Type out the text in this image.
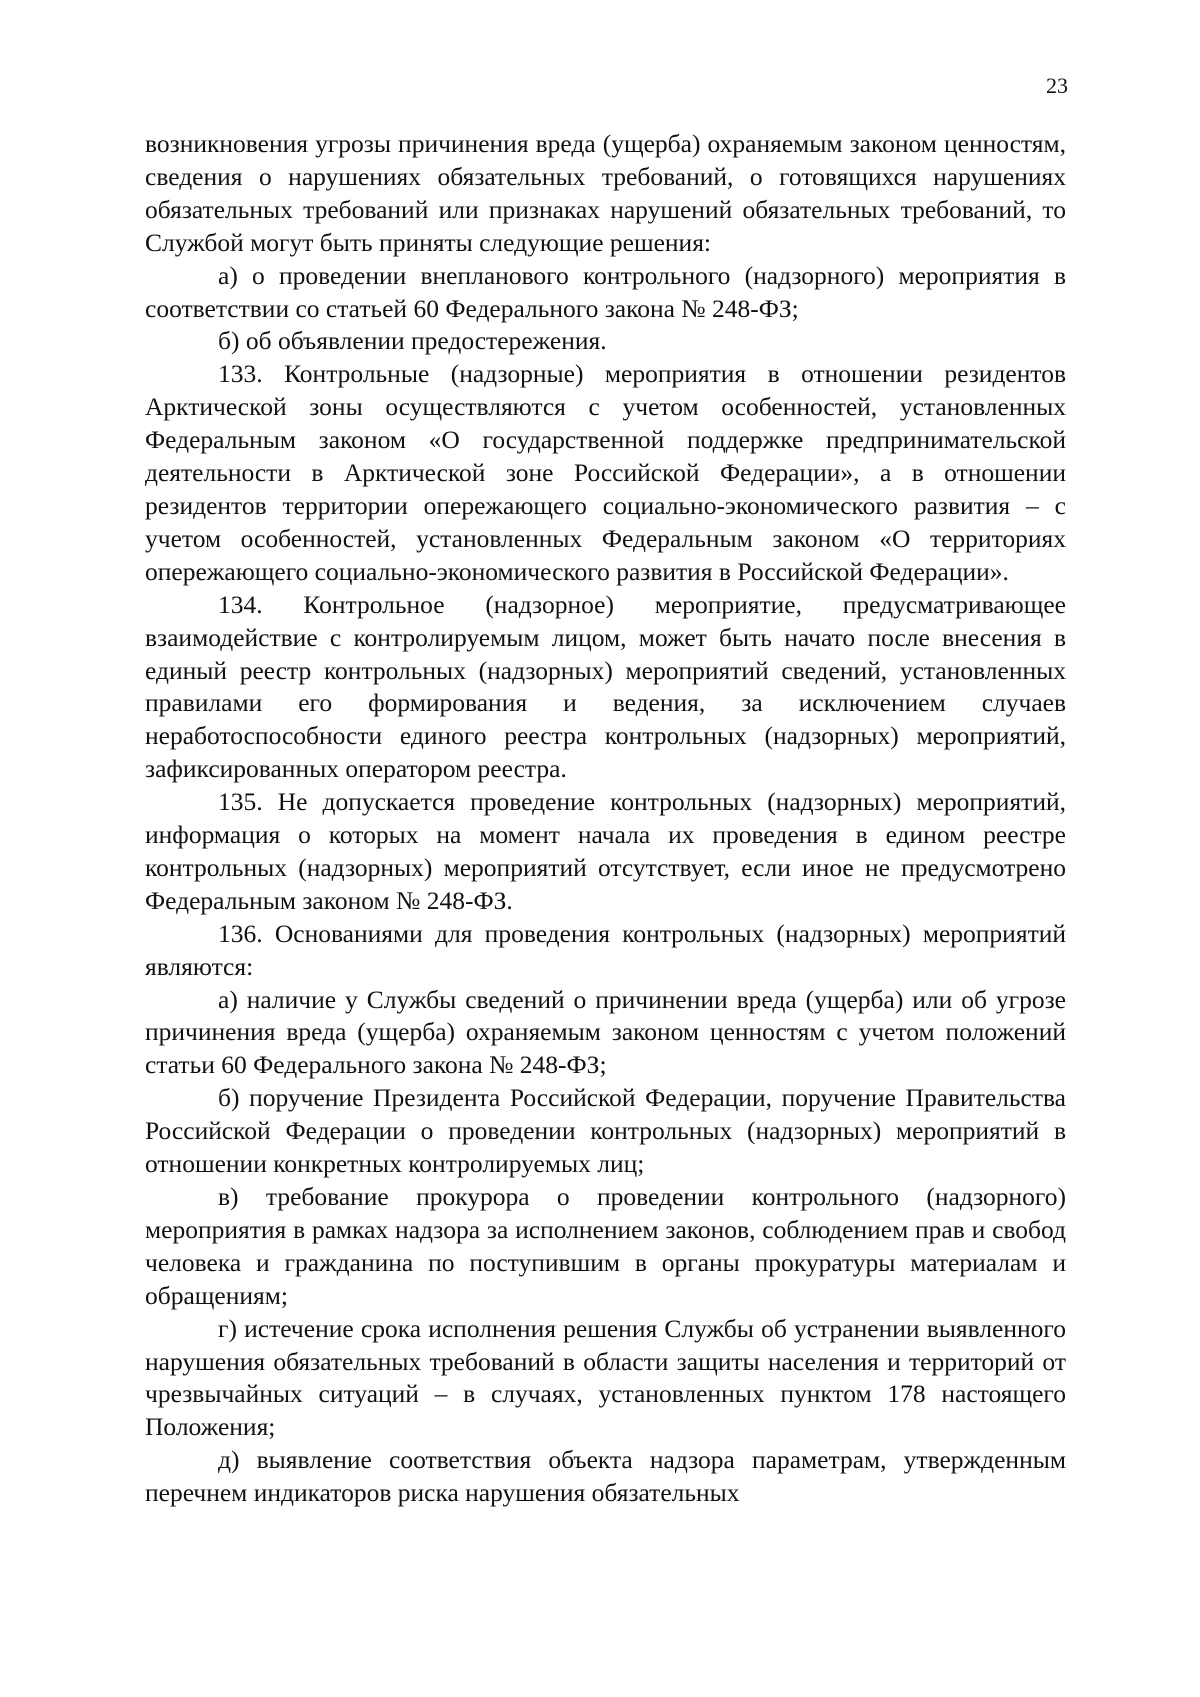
23

возникновения угрозы причинения вреда (ущерба) охраняемым законом ценностям, сведения о нарушениях обязательных требований, о готовящихся нарушениях обязательных требований или признаках нарушений обязательных требований, то Службой могут быть приняты следующие решения:

а) о проведении внепланового контрольного (надзорного) мероприятия в соответствии со статьей 60 Федерального закона № 248-ФЗ;

б) об объявлении предостережения.

133. Контрольные (надзорные) мероприятия в отношении резидентов Арктической зоны осуществляются с учетом особенностей, установленных Федеральным законом «О государственной поддержке предпринимательской деятельности в Арктической зоне Российской Федерации», а в отношении резидентов территории опережающего социально-экономического развития – с учетом особенностей, установленных Федеральным законом «О территориях опережающего социально-экономического развития в Российской Федерации».

134. Контрольное (надзорное) мероприятие, предусматривающее взаимодействие с контролируемым лицом, может быть начато после внесения в единый реестр контрольных (надзорных) мероприятий сведений, установленных правилами его формирования и ведения, за исключением случаев неработоспособности единого реестра контрольных (надзорных) мероприятий, зафиксированных оператором реестра.

135. Не допускается проведение контрольных (надзорных) мероприятий, информация о которых на момент начала их проведения в едином реестре контрольных (надзорных) мероприятий отсутствует, если иное не предусмотрено Федеральным законом № 248-ФЗ.

136. Основаниями для проведения контрольных (надзорных) мероприятий являются:

а) наличие у Службы сведений о причинении вреда (ущерба) или об угрозе причинения вреда (ущерба) охраняемым законом ценностям с учетом положений статьи 60 Федерального закона № 248-ФЗ;

б) поручение Президента Российской Федерации, поручение Правительства Российской Федерации о проведении контрольных (надзорных) мероприятий в отношении конкретных контролируемых лиц;

в) требование прокурора о проведении контрольного (надзорного) мероприятия в рамках надзора за исполнением законов, соблюдением прав и свобод человека и гражданина по поступившим в органы прокуратуры материалам и обращениям;

г) истечение срока исполнения решения Службы об устранении выявленного нарушения обязательных требований в области защиты населения и территорий от чрезвычайных ситуаций – в случаях, установленных пунктом 178 настоящего Положения;

д) выявление соответствия объекта надзора параметрам, утвержденным перечнем индикаторов риска нарушения обязательных
